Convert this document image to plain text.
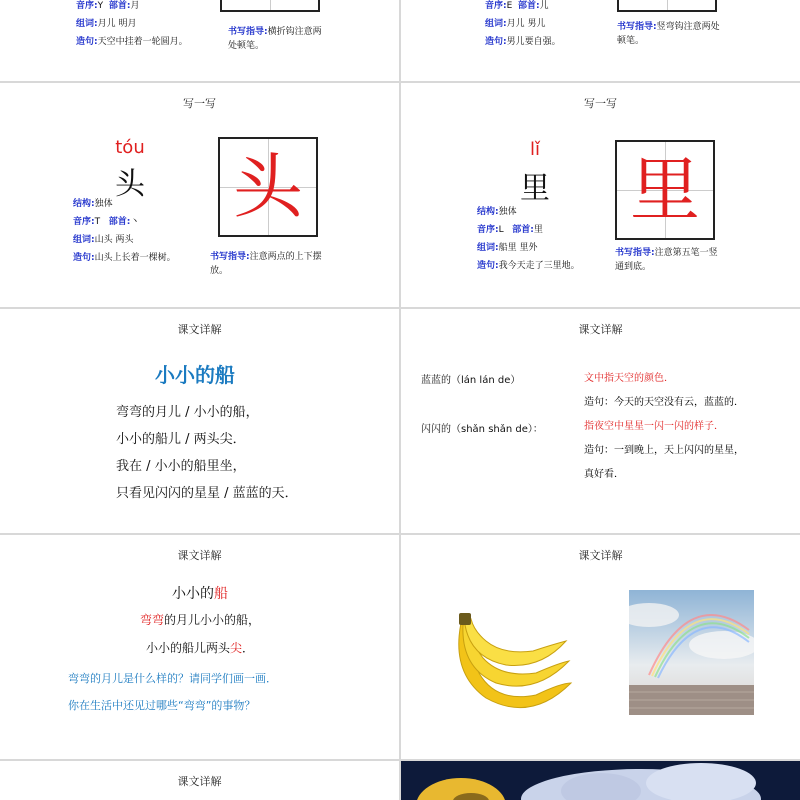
音序:Y 部首:月
组词:月儿 明月
造句:天空中挂着一轮圆月。
书写指导:横折钩注意两处顿笔。
音序:E 部首:儿
组词:月儿 男儿
造句:男儿要自强。
书写指导:竖弯钩注意两处顿笔。
写一写
tóu
头
结构:独体
音序:T 部首:丶
组词:山头 两头
造句:山头上长着一棵树。
头
书写指导:注意两点的上下摆放。
写一写
lǐ
里
结构:独体
音序:L 部首:里
组词:船里 里外
造句:我今天走了三里地。
里
书写指导:注意第五笔一竖通到底。
课文详解
小小的船
弯弯的月儿 / 小小的船，
小小的船儿 / 两头尖．
我在 / 小小的船里坐，
只看见闪闪的星星 / 蓝蓝的天．
课文详解
蓝蓝的（lán lán de）
闪闪的（shǎn shǎn de）：
文中指天空的颜色．
造句：今天的天空没有云，蓝蓝的．
指夜空中星星一闪一闪的样子．
造句：一到晚上，天上闪闪的星星，
真好看．
课文详解
小小的船
弯弯的月儿小小的船，
小小的船儿两头尖．
弯弯的月儿是什么样的？请同学们画一画．
你在生活中还见过哪些“弯弯”的事物？
课文详解
课文详解
